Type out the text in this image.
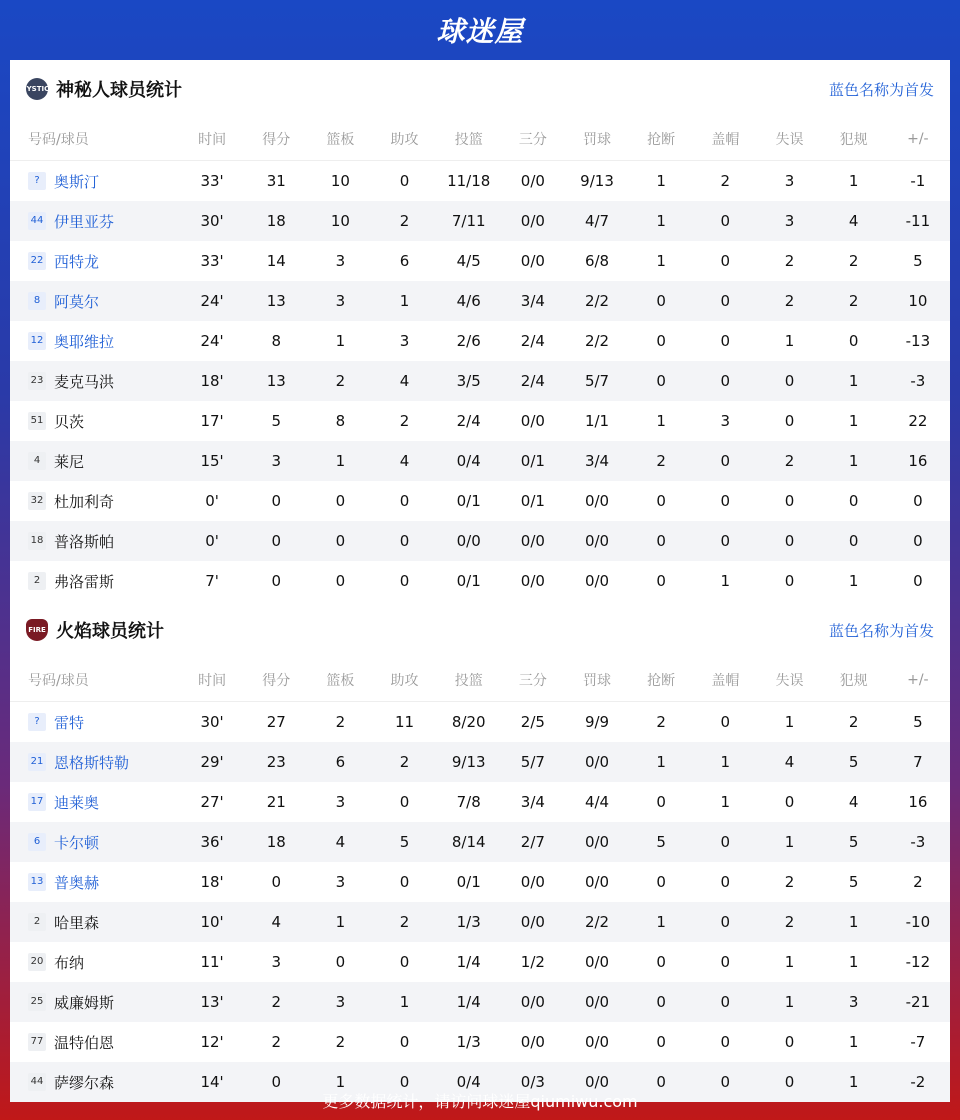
球迷屋
MYSTICS 神秘人球员统计	蓝色名称为首发
号码/球员	时间	得分	篮板	助攻	投篮	三分	罚球	抢断	盖帽	失误	犯规	+/-
? 奥斯汀	33'	31	10	0	11/18	0/0	9/13	1	2	3	1	-1
44 伊里亚芬	30'	18	10	2	7/11	0/0	4/7	1	0	3	4	-11
22 西特龙	33'	14	3	6	4/5	0/0	6/8	1	0	2	2	5
8 阿莫尔	24'	13	3	1	4/6	3/4	2/2	0	0	2	2	10
12 奥耶维拉	24'	8	1	3	2/6	2/4	2/2	0	0	1	0	-13
23 麦克马洪	18'	13	2	4	3/5	2/4	5/7	0	0	0	1	-3
51 贝茨	17'	5	8	2	2/4	0/0	1/1	1	3	0	1	22
4 莱尼	15'	3	1	4	0/4	0/1	3/4	2	0	2	1	16
32 杜加利奇	0'	0	0	0	0/1	0/1	0/0	0	0	0	0	0
18 普洛斯帕	0'	0	0	0	0/0	0/0	0/0	0	0	0	0	0
2 弗洛雷斯	7'	0	0	0	0/1	0/0	0/0	0	1	0	1	0
FIRE 火焰球员统计	蓝色名称为首发
号码/球员	时间	得分	篮板	助攻	投篮	三分	罚球	抢断	盖帽	失误	犯规	+/-
? 雷特	30'	27	2	11	8/20	2/5	9/9	2	0	1	2	5
21 恩格斯特勒	29'	23	6	2	9/13	5/7	0/0	1	1	4	5	7
17 迪莱奥	27'	21	3	0	7/8	3/4	4/4	0	1	0	4	16
6 卡尔顿	36'	18	4	5	8/14	2/7	0/0	5	0	1	5	-3
13 普奥赫	18'	0	3	0	0/1	0/0	0/0	0	0	2	5	2
2 哈里森	10'	4	1	2	1/3	0/0	2/2	1	0	2	1	-10
20 布纳	11'	3	0	0	1/4	1/2	0/0	0	0	1	1	-12
25 威廉姆斯	13'	2	3	1	1/4	0/0	0/0	0	0	1	3	-21
77 温特伯恩	12'	2	2	0	1/3	0/0	0/0	0	0	0	1	-7
44 萨缪尔森	14'	0	1	0	0/4	0/3	0/0	0	0	0	1	-2
更多数据统计，请访问球迷屋qiumiwu.com
